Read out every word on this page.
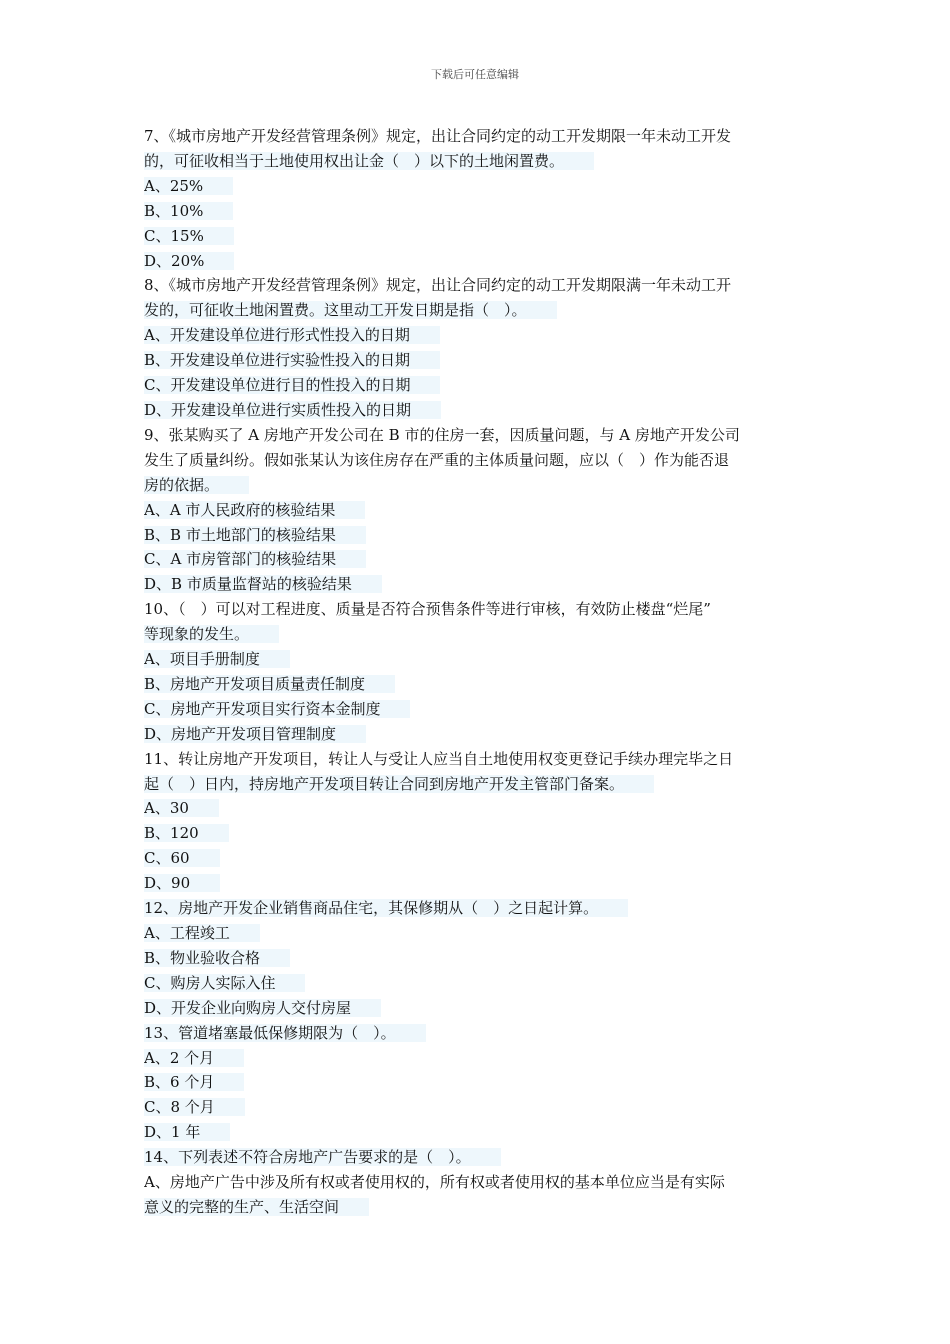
下载后可任意编辑
7、《城市房地产开发经营管理条例》规定，出让合同约定的动工开发期限一年未动工开发
的，可征收相当于土地使用权出让金（　）以下的土地闲置费。
A、25%
B、10%
C、15%
D、20%
8、《城市房地产开发经营管理条例》规定，出让合同约定的动工开发期限满一年未动工开
发的，可征收土地闲置费。这里动工开发日期是指（　）。
A、开发建设单位进行形式性投入的日期
B、开发建设单位进行实验性投入的日期
C、开发建设单位进行目的性投入的日期
D、开发建设单位进行实质性投入的日期
9、张某购买了 A 房地产开发公司在 B 市的住房一套，因质量问题，与 A 房地产开发公司
发生了质量纠纷。假如张某认为该住房存在严重的主体质量问题，应以（　）作为能否退
房的依据。
A、A 市人民政府的核验结果
B、B 市土地部门的核验结果
C、A 市房管部门的核验结果
D、B 市质量监督站的核验结果
10、（　）可以对工程进度、质量是否符合预售条件等进行审核，有效防止楼盘“烂尾”
等现象的发生。
A、项目手册制度
B、房地产开发项目质量责任制度
C、房地产开发项目实行资本金制度
D、房地产开发项目管理制度
11、转让房地产开发项目，转让人与受让人应当自土地使用权变更登记手续办理完毕之日
起（　）日内，持房地产开发项目转让合同到房地产开发主管部门备案。
A、30
B、120
C、60
D、90
12、房地产开发企业销售商品住宅，其保修期从（　）之日起计算。
A、工程竣工
B、物业验收合格
C、购房人实际入住
D、开发企业向购房人交付房屋
13、管道堵塞最低保修期限为（　）。
A、2 个月
B、6 个月
C、8 个月
D、1 年
14、下列表述不符合房地产广告要求的是（　）。
A、房地产广告中涉及所有权或者使用权的，所有权或者使用权的基本单位应当是有实际
意义的完整的生产、生活空间
